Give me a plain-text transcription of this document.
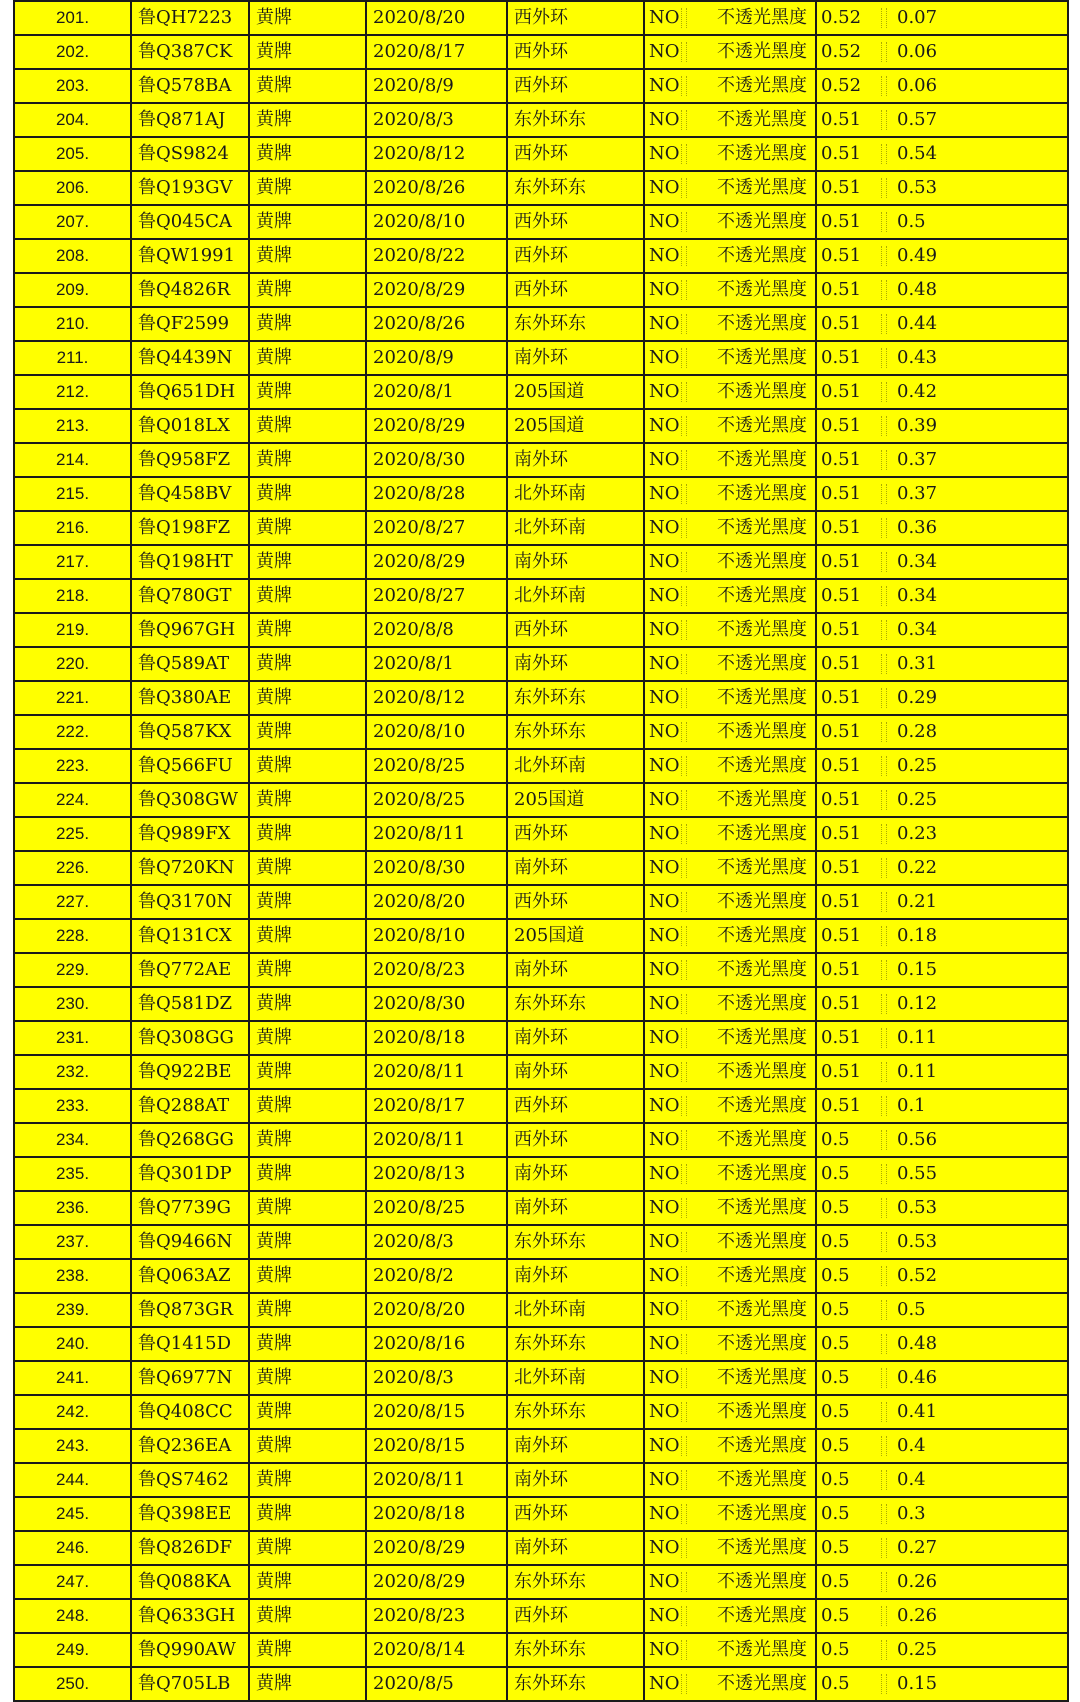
201.	鲁QH7223	黄牌	2020/8/20	西外环	NO 不透光黑度	0.52 0.07

202.	鲁Q387CK	黄牌	2020/8/17	西外环	NO 不透光黑度	0.52 0.06

203.	鲁Q578BA	黄牌	2020/8/9	西外环	NO 不透光黑度	0.52 0.06

204.	鲁Q871AJ	黄牌	2020/8/3	东外环东	NO 不透光黑度	0.51 0.57

205.	鲁QS9824	黄牌	2020/8/12	西外环	NO 不透光黑度	0.51 0.54

206.	鲁Q193GV	黄牌	2020/8/26	东外环东	NO 不透光黑度	0.51 0.53

207.	鲁Q045CA	黄牌	2020/8/10	西外环	NO 不透光黑度	0.51 0.5

208.	鲁QW1991	黄牌	2020/8/22	西外环	NO 不透光黑度	0.51 0.49

209.	鲁Q4826R	黄牌	2020/8/29	西外环	NO 不透光黑度	0.51 0.48

210.	鲁QF2599	黄牌	2020/8/26	东外环东	NO 不透光黑度	0.51 0.44

211.	鲁Q4439N	黄牌	2020/8/9	南外环	NO 不透光黑度	0.51 0.43

212.	鲁Q651DH	黄牌	2020/8/1	205国道	NO 不透光黑度	0.51 0.42

213.	鲁Q018LX	黄牌	2020/8/29	205国道	NO 不透光黑度	0.51 0.39

214.	鲁Q958FZ	黄牌	2020/8/30	南外环	NO 不透光黑度	0.51 0.37

215.	鲁Q458BV	黄牌	2020/8/28	北外环南	NO 不透光黑度	0.51 0.37

216.	鲁Q198FZ	黄牌	2020/8/27	北外环南	NO 不透光黑度	0.51 0.36

217.	鲁Q198HT	黄牌	2020/8/29	南外环	NO 不透光黑度	0.51 0.34

218.	鲁Q780GT	黄牌	2020/8/27	北外环南	NO 不透光黑度	0.51 0.34

219.	鲁Q967GH	黄牌	2020/8/8	西外环	NO 不透光黑度	0.51 0.34

220.	鲁Q589AT	黄牌	2020/8/1	南外环	NO 不透光黑度	0.51 0.31

221.	鲁Q380AE	黄牌	2020/8/12	东外环东	NO 不透光黑度	0.51 0.29

222.	鲁Q587KX	黄牌	2020/8/10	东外环东	NO 不透光黑度	0.51 0.28

223.	鲁Q566FU	黄牌	2020/8/25	北外环南	NO 不透光黑度	0.51 0.25

224.	鲁Q308GW	黄牌	2020/8/25	205国道	NO 不透光黑度	0.51 0.25

225.	鲁Q989FX	黄牌	2020/8/11	西外环	NO 不透光黑度	0.51 0.23

226.	鲁Q720KN	黄牌	2020/8/30	南外环	NO 不透光黑度	0.51 0.22

227.	鲁Q3170N	黄牌	2020/8/20	西外环	NO 不透光黑度	0.51 0.21

228.	鲁Q131CX	黄牌	2020/8/10	205国道	NO 不透光黑度	0.51 0.18

229.	鲁Q772AE	黄牌	2020/8/23	南外环	NO 不透光黑度	0.51 0.15

230.	鲁Q581DZ	黄牌	2020/8/30	东外环东	NO 不透光黑度	0.51 0.12

231.	鲁Q308GG	黄牌	2020/8/18	南外环	NO 不透光黑度	0.51 0.11

232.	鲁Q922BE	黄牌	2020/8/11	南外环	NO 不透光黑度	0.51 0.11

233.	鲁Q288AT	黄牌	2020/8/17	西外环	NO 不透光黑度	0.51 0.1

234.	鲁Q268GG	黄牌	2020/8/11	西外环	NO 不透光黑度	0.5 0.56

235.	鲁Q301DP	黄牌	2020/8/13	南外环	NO 不透光黑度	0.5 0.55

236.	鲁Q7739G	黄牌	2020/8/25	南外环	NO 不透光黑度	0.5 0.53

237.	鲁Q9466N	黄牌	2020/8/3	东外环东	NO 不透光黑度	0.5 0.53

238.	鲁Q063AZ	黄牌	2020/8/2	南外环	NO 不透光黑度	0.5 0.52

239.	鲁Q873GR	黄牌	2020/8/20	北外环南	NO 不透光黑度	0.5 0.5

240.	鲁Q1415D	黄牌	2020/8/16	东外环东	NO 不透光黑度	0.5 0.48

241.	鲁Q6977N	黄牌	2020/8/3	北外环南	NO 不透光黑度	0.5 0.46

242.	鲁Q408CC	黄牌	2020/8/15	东外环东	NO 不透光黑度	0.5 0.41

243.	鲁Q236EA	黄牌	2020/8/15	南外环	NO 不透光黑度	0.5 0.4

244.	鲁QS7462	黄牌	2020/8/11	南外环	NO 不透光黑度	0.5 0.4

245.	鲁Q398EE	黄牌	2020/8/18	西外环	NO 不透光黑度	0.5 0.3

246.	鲁Q826DF	黄牌	2020/8/29	南外环	NO 不透光黑度	0.5 0.27

247.	鲁Q088KA	黄牌	2020/8/29	东外环东	NO 不透光黑度	0.5 0.26

248.	鲁Q633GH	黄牌	2020/8/23	西外环	NO 不透光黑度	0.5 0.26

249.	鲁Q990AW	黄牌	2020/8/14	东外环东	NO 不透光黑度	0.5 0.25

250.	鲁Q705LB	黄牌	2020/8/5	东外环东	NO 不透光黑度	0.5 0.15
